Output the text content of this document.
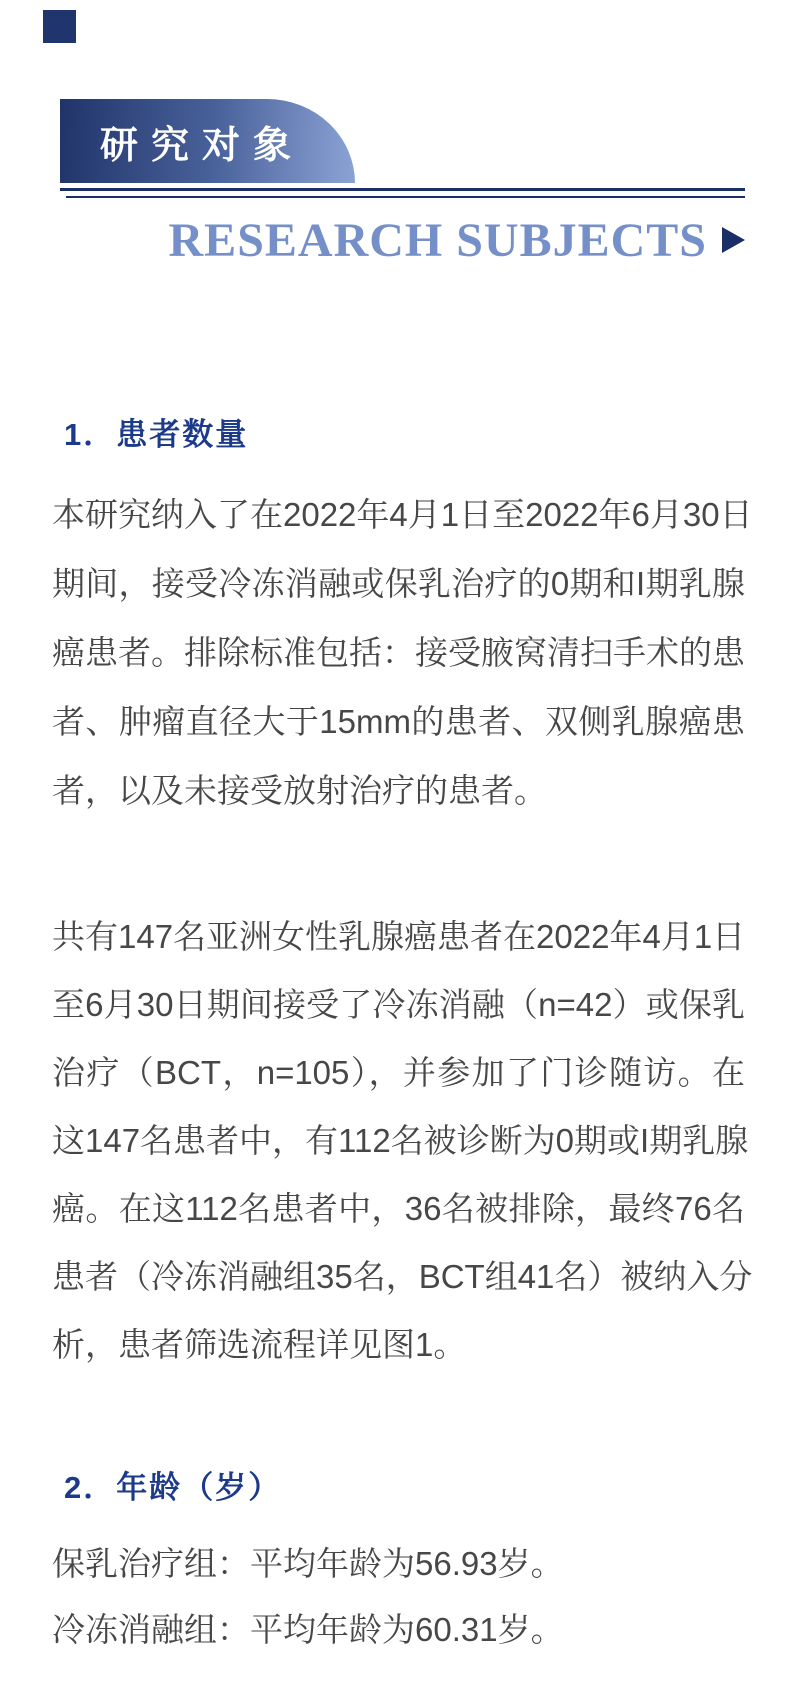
研究对象
RESEARCH SUBJECTS
1．患者数量
本研究纳入了在2022年4月1日至2022年6月30日
期间，接受冷冻消融或保乳治疗的0期和I期乳腺
癌患者。排除标准包括：接受腋窝清扫手术的患
者、肿瘤直径大于15mm的患者、双侧乳腺癌患
者，以及未接受放射治疗的患者。
共有147名亚洲女性乳腺癌患者在2022年4月1日
至6月30日期间接受了冷冻消融（n=42）或保乳
治疗（BCT，n=105），并参加了门诊随访。在
这147名患者中，有112名被诊断为0期或I期乳腺
癌。在这112名患者中，36名被排除，最终76名
患者（冷冻消融组35名，BCT组41名）被纳入分
析，患者筛选流程详见图1。
2．年龄（岁）
保乳治疗组：平均年龄为56.93岁。
冷冻消融组：平均年龄为60.31岁。
